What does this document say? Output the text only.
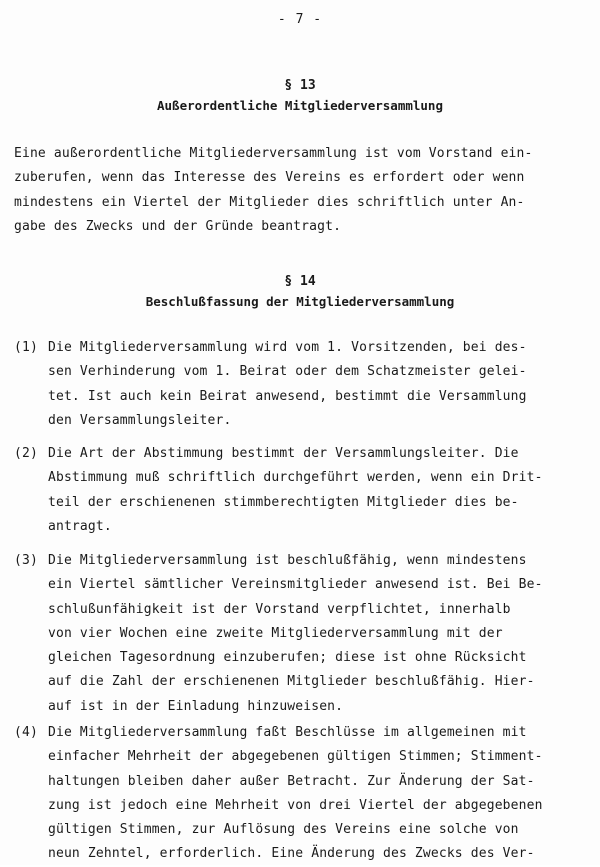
- 7 -
§ 13
Außerordentliche Mitgliederversammlung
Eine außerordentliche Mitgliederversammlung ist vom Vorstand ein-
zuberufen, wenn das Interesse des Vereins es erfordert oder wenn
mindestens ein Viertel der Mitglieder dies schriftlich unter An-
gabe des Zwecks und der Gründe beantragt.
§ 14
Beschlußfassung der Mitgliederversammlung
(1) Die Mitgliederversammlung wird vom 1. Vorsitzenden, bei des-
sen Verhinderung vom 1. Beirat oder dem Schatzmeister gelei-
tet. Ist auch kein Beirat anwesend, bestimmt die Versammlung
den Versammlungsleiter.
(2) Die Art der Abstimmung bestimmt der Versammlungsleiter. Die
Abstimmung muß schriftlich durchgeführt werden, wenn ein Drit-
teil der erschienenen stimmberechtigten Mitglieder dies be-
antragt.
(3) Die Mitgliederversammlung ist beschlußfähig, wenn mindestens
ein Viertel sämtlicher Vereinsmitglieder anwesend ist. Bei Be-
schlußunfähigkeit ist der Vorstand verpflichtet, innerhalb
von vier Wochen eine zweite Mitgliederversammlung mit der
gleichen Tagesordnung einzuberufen; diese ist ohne Rücksicht
auf die Zahl der erschienenen Mitglieder beschlußfähig. Hier-
auf ist in der Einladung hinzuweisen.
(4) Die Mitgliederversammlung faßt Beschlüsse im allgemeinen mit
einfacher Mehrheit der abgegebenen gültigen Stimmen; Stimment-
haltungen bleiben daher außer Betracht. Zur Änderung der Sat-
zung ist jedoch eine Mehrheit von drei Viertel der abgegebenen
gültigen Stimmen, zur Auflösung des Vereins eine solche von
neun Zehntel, erforderlich. Eine Änderung des Zwecks des Ver-
